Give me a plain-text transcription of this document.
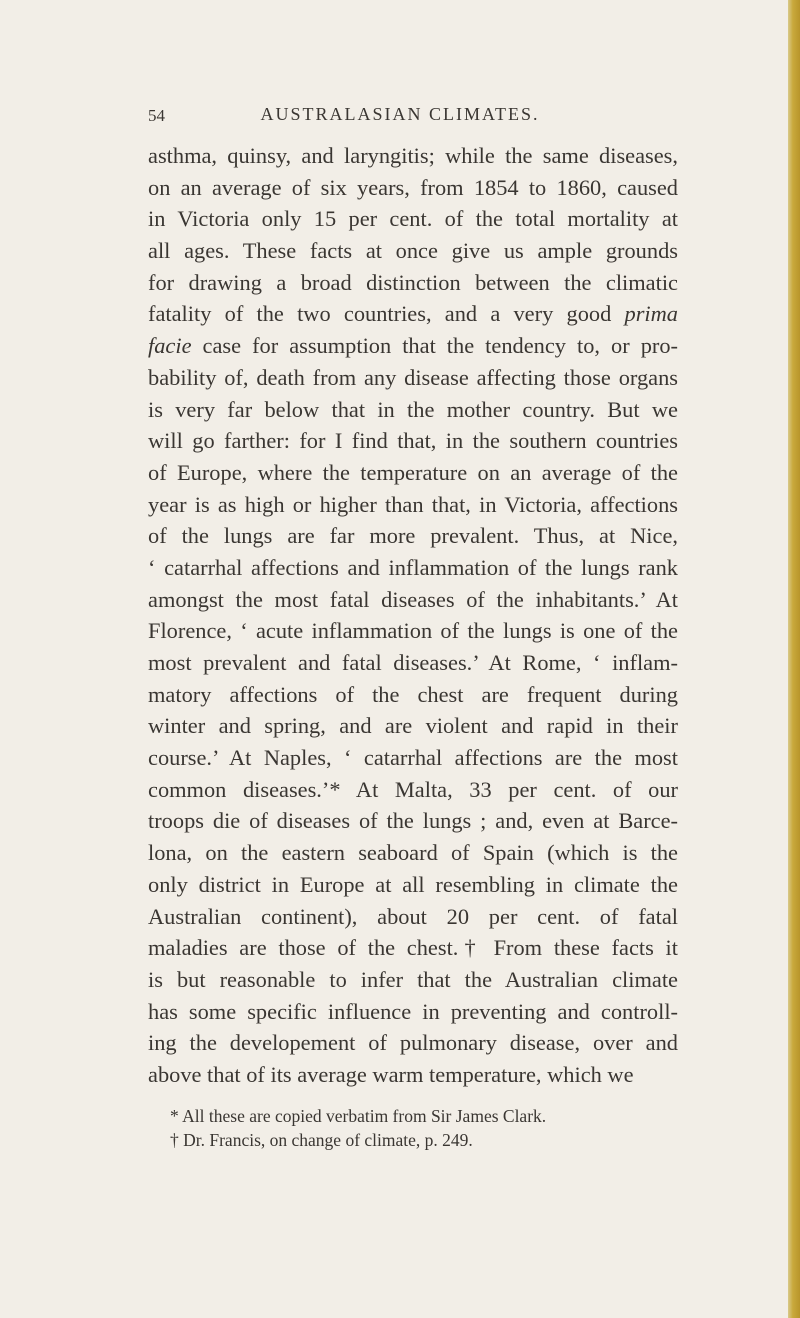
54	AUSTRALASIAN CLIMATES.
asthma, quinsy, and laryngitis; while the same diseases,
on an average of six years, from 1854 to 1860, caused
in Victoria only 15 per cent. of the total mortality at
all ages. These facts at once give us ample grounds
for drawing a broad distinction between the climatic
fatality of the two countries, and a very good prima
facie case for assumption that the tendency to, or pro-
bability of, death from any disease affecting those organs
is very far below that in the mother country. But we
will go farther: for I find that, in the southern countries
of Europe, where the temperature on an average of the
year is as high or higher than that, in Victoria, affections
of the lungs are far more prevalent. Thus, at Nice,
‘ catarrhal affections and inflammation of the lungs rank
amongst the most fatal diseases of the inhabitants.’ At
Florence, ‘ acute inflammation of the lungs is one of the
most prevalent and fatal diseases.’ At Rome, ‘ inflam-
matory affections of the chest are frequent during
winter and spring, and are violent and rapid in their
course.’ At Naples, ‘ catarrhal affections are the most
common diseases.’* At Malta, 33 per cent. of our
troops die of diseases of the lungs ; and, even at Barce-
lona, on the eastern seaboard of Spain (which is the
only district in Europe at all resembling in climate the
Australian continent), about 20 per cent. of fatal
maladies are those of the chest.† From these facts it
is but reasonable to infer that the Australian climate
has some specific influence in preventing and controll-
ing the developement of pulmonary disease, over and
above that of its average warm temperature, which we
* All these are copied verbatim from Sir James Clark.
† Dr. Francis, on change of climate, p. 249.
